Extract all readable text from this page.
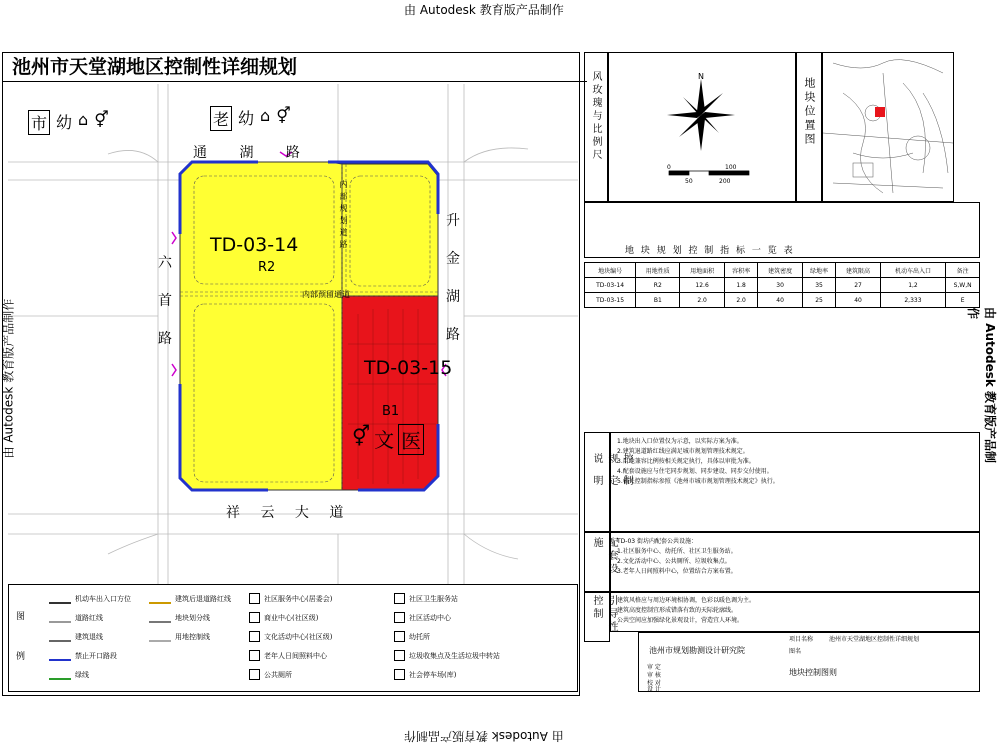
由 Autodesk 教育版产品制作
由 Autodesk 教育版产品制作
由 Autodesk 教育版产品制作
由 Autodesk 教育版产品制作
池州市天堂湖地区控制性详细规划
通 湖 路
祥 云 大 道
六
首
路
升
金
湖
路
内部规划道路
内部预留通道
市 幼 ⌂ ⚥	老 幼 ⌂ ⚥
TD-03-14
R2
TD-03-15
B1
⚥ 文 医
图 例
机动车出入口方位
道路红线
建筑退线
禁止开口路段
绿线
建筑后退道路红线
地块划分线
用地控制线
社区服务中心(居委会)
商业中心(社区级)
文化活动中心(社区级)
老年人日间照料中心
公共厕所
社区卫生服务站
社区活动中心
幼托所
垃圾收集点及生活垃圾中转站
社会停车场(库)
风玫瑰与比例尺	N
0
50
100
200
地块位置图
地 块 规 划 控 制 指 标 一 览 表
地块编号	用地性质	用地面积	容积率	建筑密度	绿地率	建筑限高	机动车出入口	备注
TD-03-14	R2	12.6	1.8	30	35	27	1,2	S,W,N
TD-03-15	B1	2.0	2.0	40	25	40	2,333	E
控制规定说明
1.地块出入口位置仅为示意，以实际方案为准。
2.建筑退道路红线应满足城市规划管理技术规定。
3.用地兼容比例按相关规定执行，具体以审批为准。
4.配套设施应与住宅同步规划、同步建设、同步交付使用。
5.相关控制指标参照《池州市城市规划管理技术规定》执行。
配套设施	TD-03 街坊内配套公共设施：
1.社区服务中心、幼托所、社区卫生服务站。
2.文化活动中心、公共厕所、垃圾收集点。
3.老年人日间照料中心，位置结合方案布置。
引导性控制	建筑风格应与周边环境相协调，色彩以暖色调为主。
建筑高度控制宜形成错落有致的天际轮廓线。
公共空间应加强绿化景观设计，营造宜人环境。
池州市规划勘测设计研究院
审 定
审 核
校 对
设 计
项目名称	池州市天堂湖地区控制性详细规划
图名
地块控制图则
